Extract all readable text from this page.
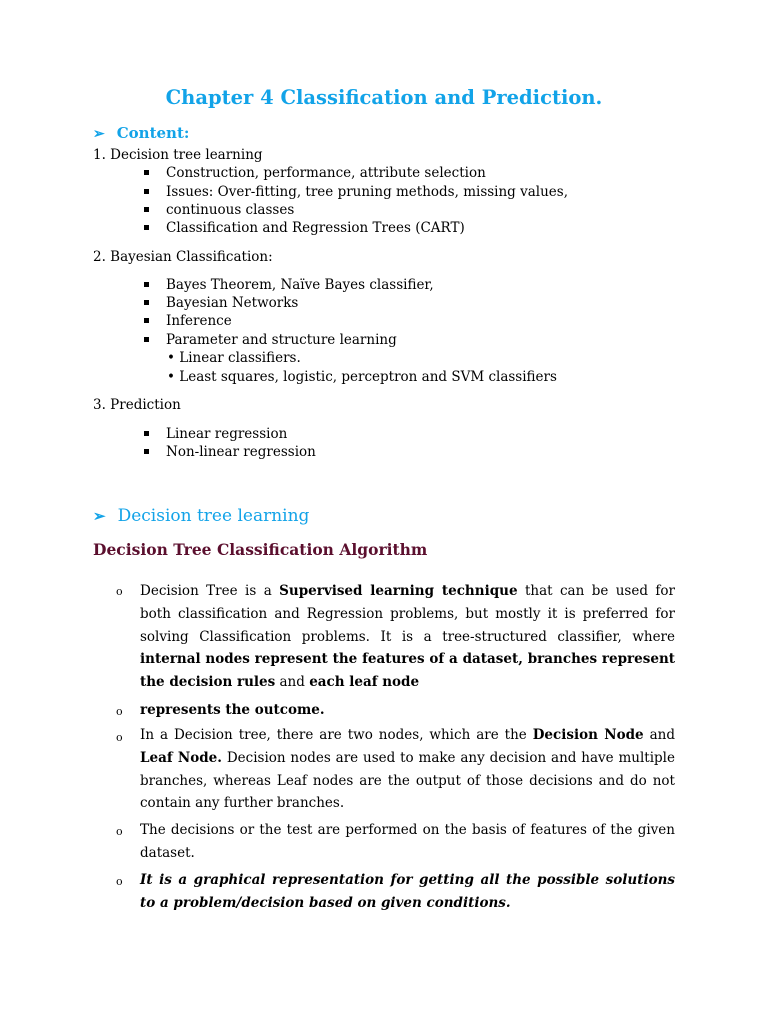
Chapter 4 Classification and Prediction.
➢ Content:
1. Decision tree learning
Construction, performance, attribute selection
Issues: Over-fitting, tree pruning methods, missing values,
continuous classes
Classification and Regression Trees (CART)
2. Bayesian Classification:
Bayes Theorem, Naïve Bayes classifier,
Bayesian Networks
Inference
Parameter and structure learning
• Linear classifiers.
• Least squares, logistic, perceptron and SVM classifiers
3. Prediction
Linear regression
Non-linear regression
➢ Decision tree learning
Decision Tree Classification Algorithm
o Decision Tree is a Supervised learning technique that can be used for both classification and Regression problems, but mostly it is preferred for solving Classification problems. It is a tree-structured classifier, where internal nodes represent the features of a dataset, branches represent the decision rules and each leaf node
o represents the outcome.
o In a Decision tree, there are two nodes, which are the Decision Node and Leaf Node. Decision nodes are used to make any decision and have multiple branches, whereas Leaf nodes are the output of those decisions and do not contain any further branches.
o The decisions or the test are performed on the basis of features of the given dataset.
o It is a graphical representation for getting all the possible solutions to a problem/decision based on given conditions.
